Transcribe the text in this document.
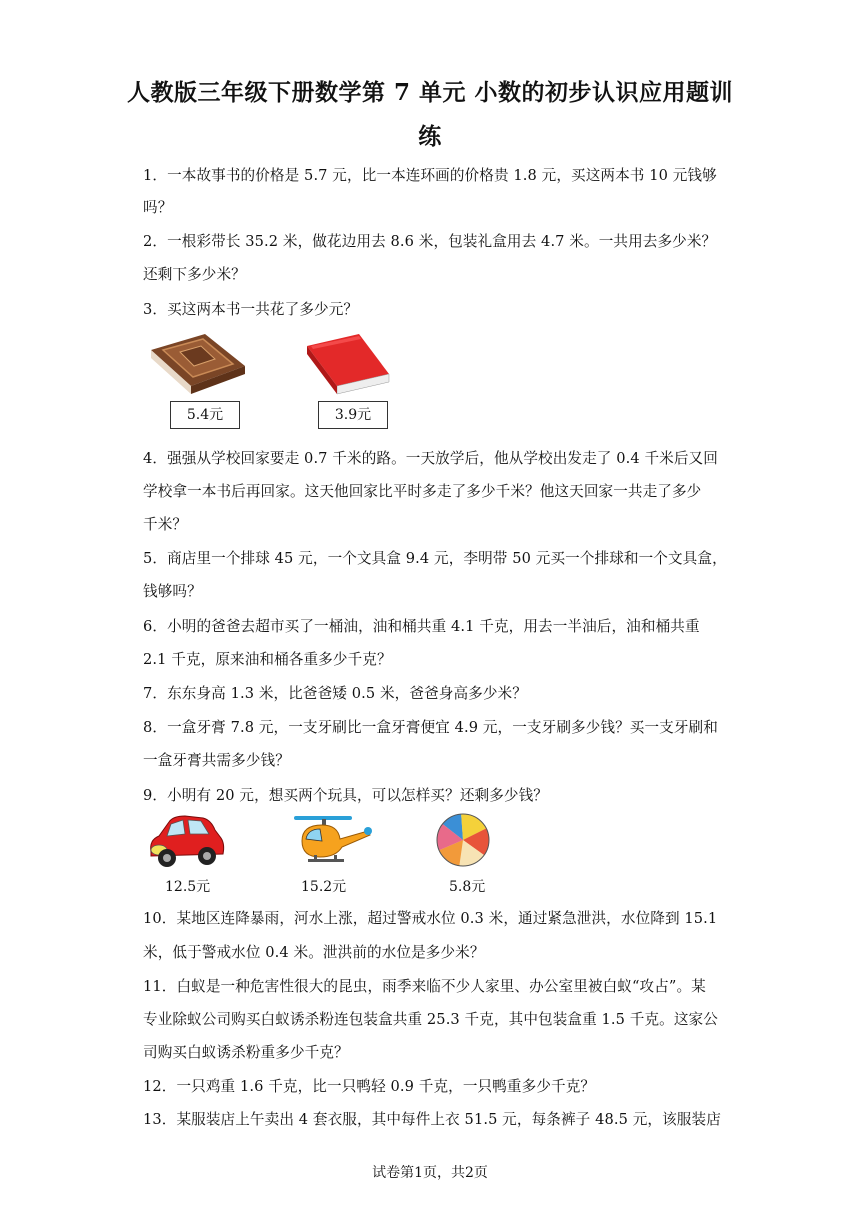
人教版三年级下册数学第 7 单元 小数的初步认识应用题训
练
1．一本故事书的价格是 5.7 元，比一本连环画的价格贵 1.8 元，买这两本书 10 元钱够
吗？
2．一根彩带长 35.2 米，做花边用去 8.6 米，包装礼盒用去 4.7 米。一共用去多少米？
还剩下多少米？
3．买这两本书一共花了多少元？
5.4元	3.9元
4．强强从学校回家要走 0.7 千米的路。一天放学后，他从学校出发走了 0.4 千米后又回
学校拿一本书后再回家。这天他回家比平时多走了多少千米？他这天回家一共走了多少
千米？
5．商店里一个排球 45 元，一个文具盒 9.4 元，李明带 50 元买一个排球和一个文具盒，
钱够吗？
6．小明的爸爸去超市买了一桶油，油和桶共重 4.1 千克，用去一半油后，油和桶共重
2.1 千克，原来油和桶各重多少千克？
7．东东身高 1.3 米，比爸爸矮 0.5 米，爸爸身高多少米？
8．一盒牙膏 7.8 元，一支牙刷比一盒牙膏便宜 4.9 元，一支牙刷多少钱？买一支牙刷和
一盒牙膏共需多少钱？
9．小明有 20 元，想买两个玩具，可以怎样买？还剩多少钱？
12.5元	15.2元	5.8元
10．某地区连降暴雨，河水上涨，超过警戒水位 0.3 米，通过紧急泄洪，水位降到 15.1
米，低于警戒水位 0.4 米。泄洪前的水位是多少米？
11．白蚁是一种危害性很大的昆虫，雨季来临不少人家里、办公室里被白蚁“攻占”。某
专业除蚁公司购买白蚁诱杀粉连包装盒共重 25.3 千克，其中包装盒重 1.5 千克。这家公
司购买白蚁诱杀粉重多少千克？
12．一只鸡重 1.6 千克，比一只鸭轻 0.9 千克，一只鸭重多少千克？
13．某服装店上午卖出 4 套衣服，其中每件上衣 51.5 元，每条裤子 48.5 元，该服装店
试卷第1页，共2页
